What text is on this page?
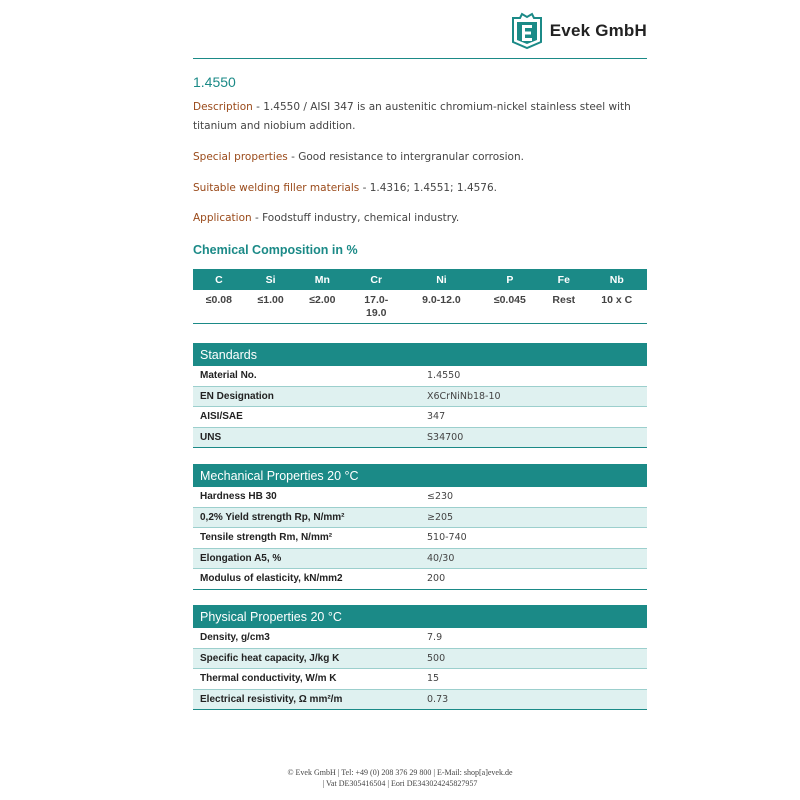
Evek GmbH
1.4550
Description - 1.4550 / AISI 347 is an austenitic chromium-nickel stainless steel with titanium and niobium addition.
Special properties - Good resistance to intergranular corrosion.
Suitable welding filler materials - 1.4316; 1.4551; 1.4576.
Application - Foodstuff industry, chemical industry.
Chemical Composition in %
C	Si	Mn	Cr	Ni	P	Fe	Nb
≤0.08	≤1.00	≤2.00	17.0-19.0	9.0-12.0	≤0.045	Rest	10 x C
Standards
Material No.	1.4550
EN Designation	X6CrNiNb18-10
AISI/SAE	347
UNS	S34700
Mechanical Properties 20 °C
Hardness HB 30	≤230
0,2% Yield strength Rp, N/mm²	≥205
Tensile strength Rm, N/mm²	510-740
Elongation A5, %	40/30
Modulus of elasticity, kN/mm2	200
Physical Properties 20 °C
Density, g/cm3	7.9
Specific heat capacity, J/kg K	500
Thermal conductivity, W/m K	15
Electrical resistivity, Ω mm²/m	0.73
© Evek GmbH | Tel: +49 (0) 208 376 29 800 | E-Mail: shop[a]evek.de
| Vat DE305416504 | Eori DE343024245827957
